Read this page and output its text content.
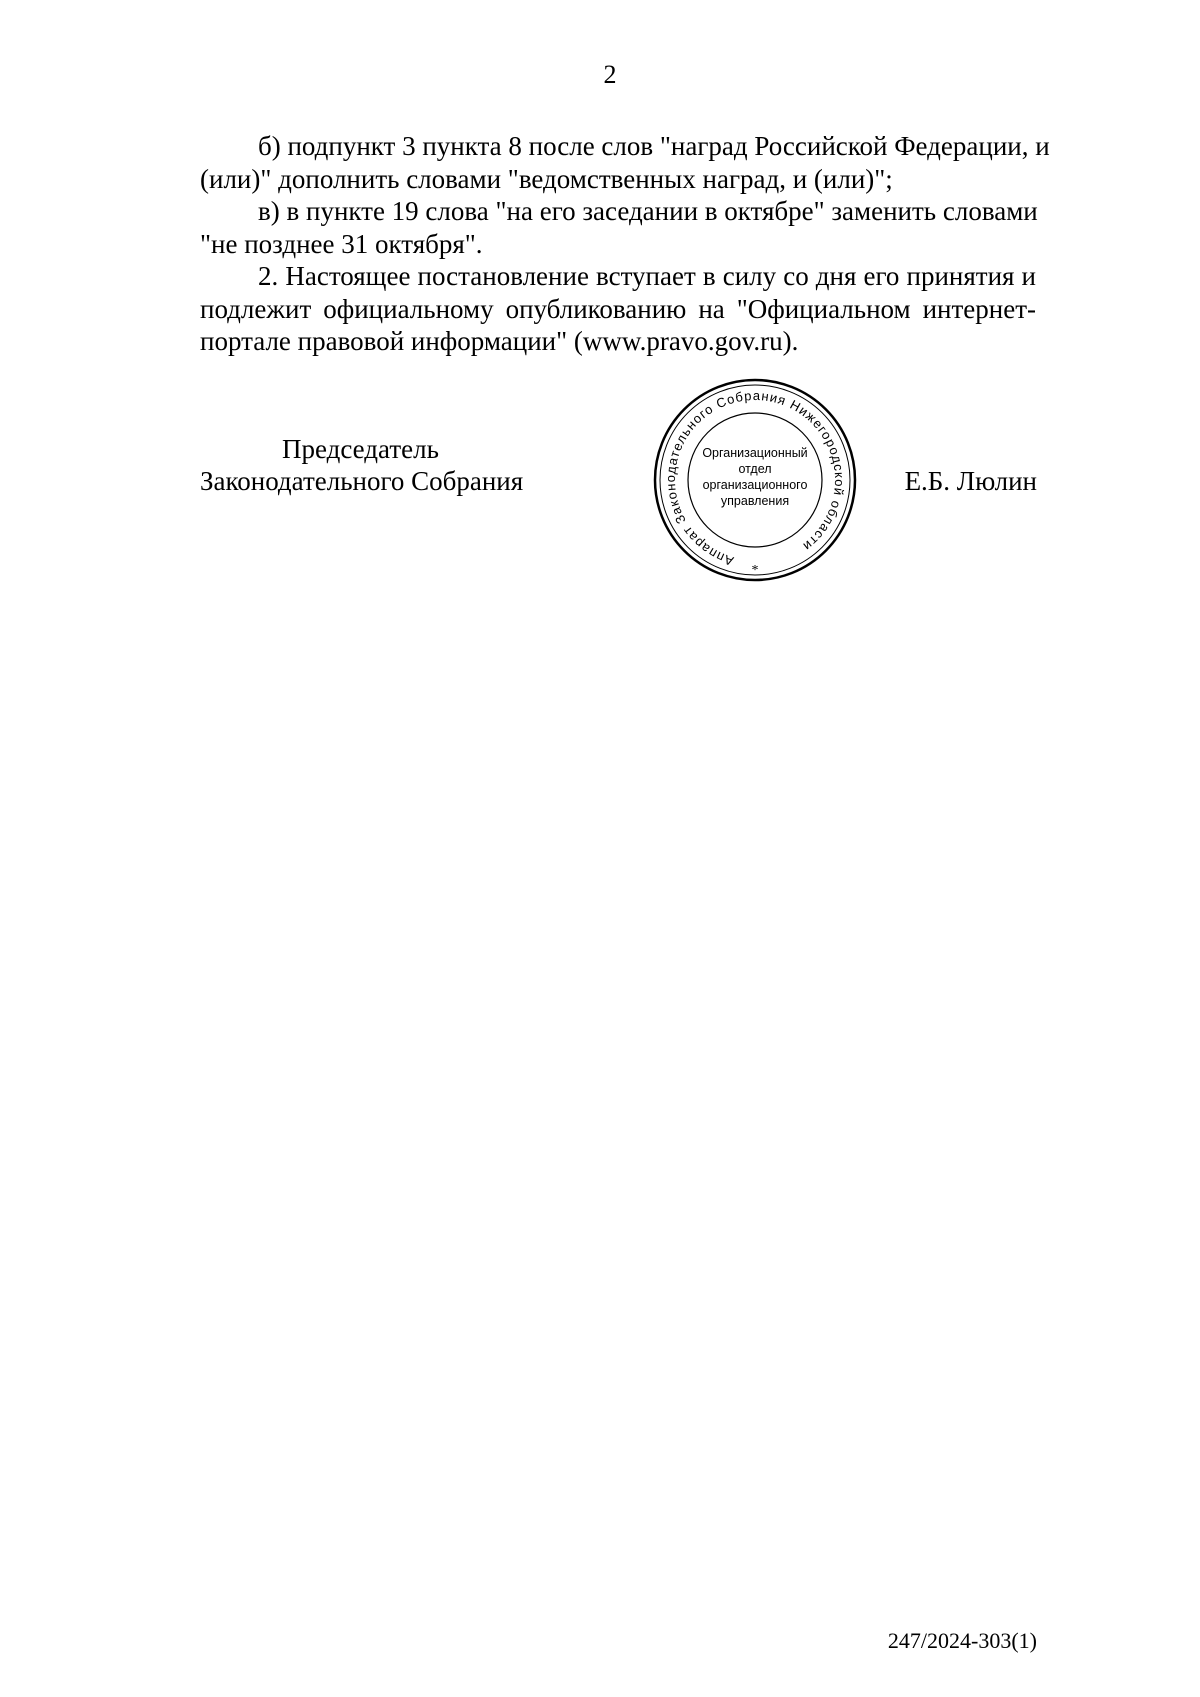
2
б) подпункт 3 пункта 8 после слов "наград Российской Федерации, и
(или)" дополнить словами "ведомственных наград, и (или)";
в) в пункте 19 слова "на его заседании в октябре" заменить словами
"не позднее 31 октября".
2. Настоящее постановление вступает в силу со дня его принятия и
подлежит официальному опубликованию на "Официальном интернет-
портале правовой информации" (www.pravo.gov.ru).
Председатель
Законодательного Собрания	Е.Б. Люлин
Аппарат Законодательного Собрания Нижегородской области
Организационный
отдел
организационного
управления
*
247/2024-303(1)
